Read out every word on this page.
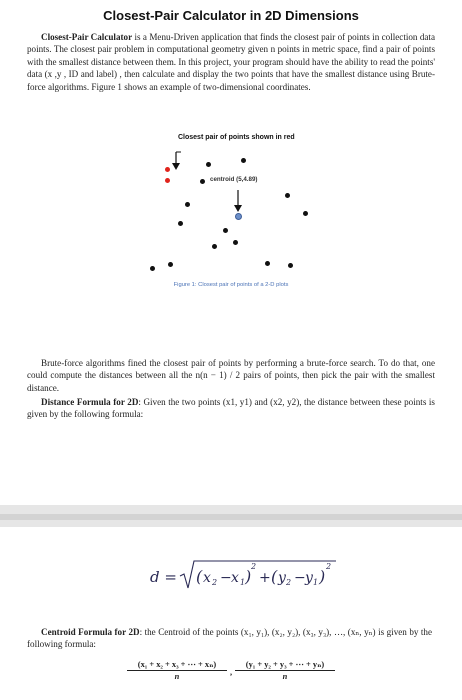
Closest-Pair Calculator in 2D Dimensions

Closest-Pair Calculator is a Menu-Driven application that finds the closest pair of points in collection data points. The closest pair problem in computational geometry given n points in metric space, find a pair of points with the smallest distance between them. In this project, your program should have the ability to read the points' data (x ,y , ID and label) , then calculate and display the two points that have the smallest distance using Brute-force algorithms. Figure 1 shows an example of two-dimensional coordinates.

Closest pair of points shown in red
centroid (5,4.89)
Figure 1: Closest pair of points of a 2-D plots

Brute-force algorithms fined the closest pair of points by performing a brute-force search. To do that, one could compute the distances between all the n(n − 1) / 2 pairs of points, then pick the pair with the smallest distance.

Distance Formula for 2D: Given the two points (x1, y1) and (x2, y2), the distance between these points is given by the following formula:

d = ( x 2 − x 1 )
2
+ ( y 2 − y 1 )
2

Centroid Formula for 2D: the Centroid of the points (x₁, y₁), (x₂, y₂), (x₃, y₃), …, (xₙ, yₙ) is given by the following formula:

$\frac{\text{(x₁ + x₂ + x₃ + ⋯ + xₙ)}}{n}$ , $\frac{\text{(y₁ + y₂ + y₃ + ⋯ + yₙ)}}{n}$
